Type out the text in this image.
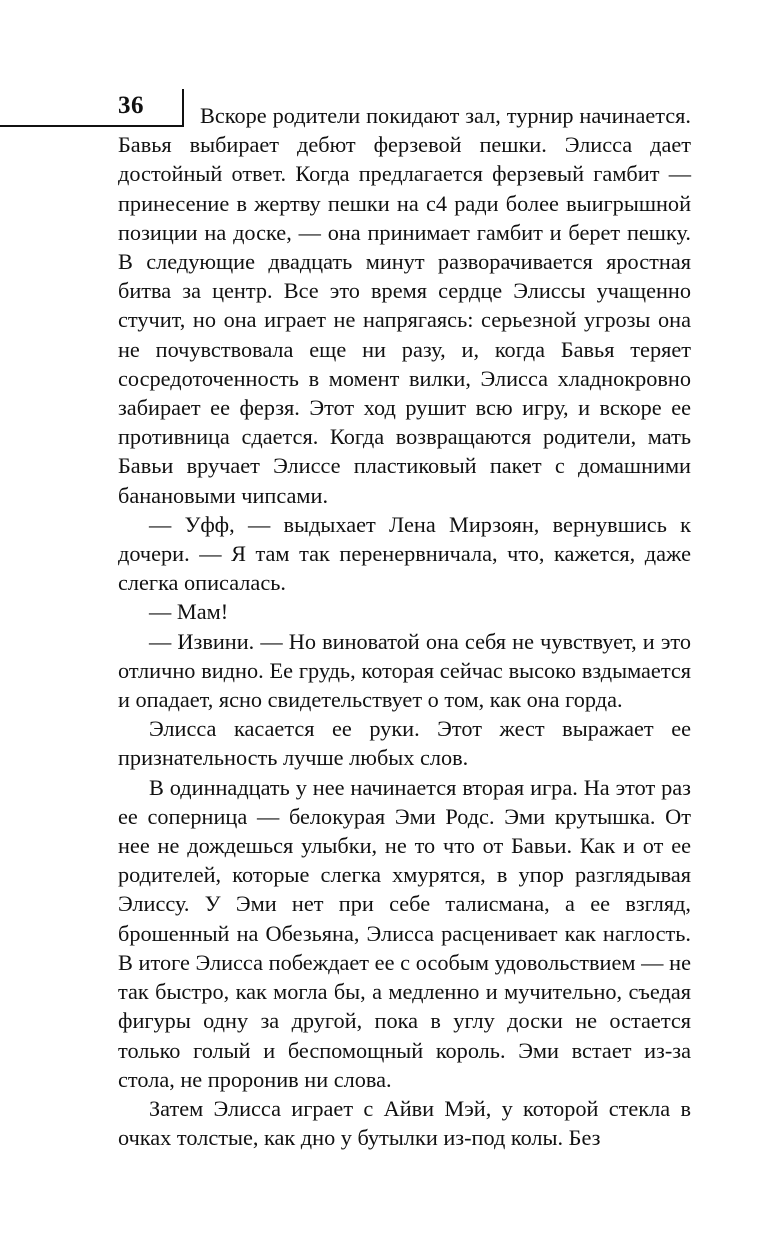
36	Вскоре родители покидают зал, турнир начинается. Бавья выбирает дебют ферзевой пешки. Элисса дает достойный ответ. Когда предлагается ферзевый гамбит — принесение в жертву пешки на с4 ради более выигрышной позиции на доске, — она принимает гамбит и берет пешку. В следующие двадцать минут разворачивается яростная битва за центр. Все это время сердце Элиссы учащенно стучит, но она играет не напрягаясь: серьезной угрозы она не почувствовала еще ни разу, и, когда Бавья теряет сосредоточенность в момент вилки, Элисса хладнокровно забирает ее ферзя. Этот ход рушит всю игру, и вскоре ее противница сдается. Когда возвращаются родители, мать Бавьи вручает Элиссе пластиковый пакет с домашними банановыми чипсами.

— Уфф, — выдыхает Лена Мирзоян, вернувшись к дочери. — Я там так перенервничала, что, кажется, даже слегка описалась.

— Мам!

— Извини. — Но виноватой она себя не чувствует, и это отлично видно. Ее грудь, которая сейчас высоко вздымается и опадает, ясно свидетельствует о том, как она горда.

Элисса касается ее руки. Этот жест выражает ее признательность лучше любых слов.

В одиннадцать у нее начинается вторая игра. На этот раз ее соперница — белокурая Эми Родс. Эми крутышка. От нее не дождешься улыбки, не то что от Бавьи. Как и от ее родителей, которые слегка хмурятся, в упор разглядывая Элиссу. У Эми нет при себе талисмана, а ее взгляд, брошенный на Обезьяна, Элисса расценивает как наглость. В итоге Элисса побеждает ее с особым удовольствием — не так быстро, как могла бы, а медленно и мучительно, съедая фигуры одну за другой, пока в углу доски не остается только голый и беспомощный король. Эми встает из-за стола, не проронив ни слова.

Затем Элисса играет с Айви Мэй, у которой стекла в очках толстые, как дно у бутылки из-под колы. Без
